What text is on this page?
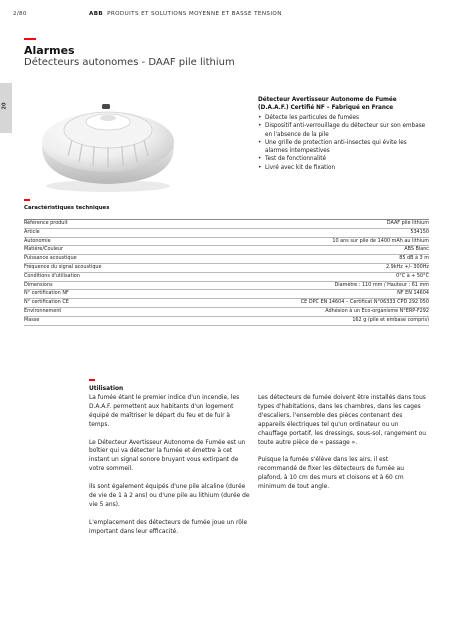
2/80	ABB PRODUITS ET SOLUTIONS MOYENNE ET BASSE TENSION
Alarmes
Détecteurs autonomes - DAAF pile lithium
20
Détecteur Avertisseur Autonome de Fumée
(D.A.A.F.) Certifié NF – Fabriqué en France
• Détecte les particules de fumées
• Dispositif anti-verrouillage du détecteur sur son embase en l'absence de la pile
• Une grille de protection anti-insectes qui évite les alarmes intempestives
• Test de fonctionnalité
• Livré avec kit de fixation
Caractéristiques techniques
Référence produit	DAAF pile lithium
Article	534150
Autonomie	10 ans sur pile de 1400 mAh au lithium
Matière/Couleur	ABS Blanc
Puissance acoustique	85 dB à 3 m
Fréquence du signal acoustique	2.9kHz +/- 300Hz
Conditions d'utilisation	0°C à + 50°C
Dimensions	Diamètre : 110 mm / Hauteur : 61 mm
N° certification NF	NF EN 14604
N° certification CE	CE DPC EN 14604 – Certificat N°06333 CPD 292 050
Environnement	Adhésion à un Eco-organisme N°ERP-F292
Masse	162 g (pile et embase compris)
Utilisation

La fumée étant le premier indice d'un incendie, les D.A.A.F. permettent aux habitants d'un logement équipé de maîtriser le départ du feu et de fuir à temps.

Le Détecteur Avertisseur Autonome de Fumée est un boîtier qui va détecter la fumée et émettre à cet instant un signal sonore bruyant vous extirpant de votre sommeil.

Ils sont également équipés d'une pile alcaline (durée de vie de 1 à 2 ans) ou d'une pile au lithium (durée de vie 5 ans).

L'emplacement des détecteurs de fumée joue un rôle important dans leur efficacité.

Les détecteurs de fumée doivent être installés dans tous types d'habitations, dans les chambres, dans les cages d'escaliers, l'ensemble des pièces contenant des appareils électriques tel qu'un ordinateur ou un chauffage portatif, les dressings, sous-sol, rangement ou toute autre pièce de « passage ».

Puisque la fumée s'élève dans les airs, il est recommandé de fixer les détecteurs de fumée au plafond, à 10 cm des murs et cloisons et à 60 cm minimum de tout angle.
